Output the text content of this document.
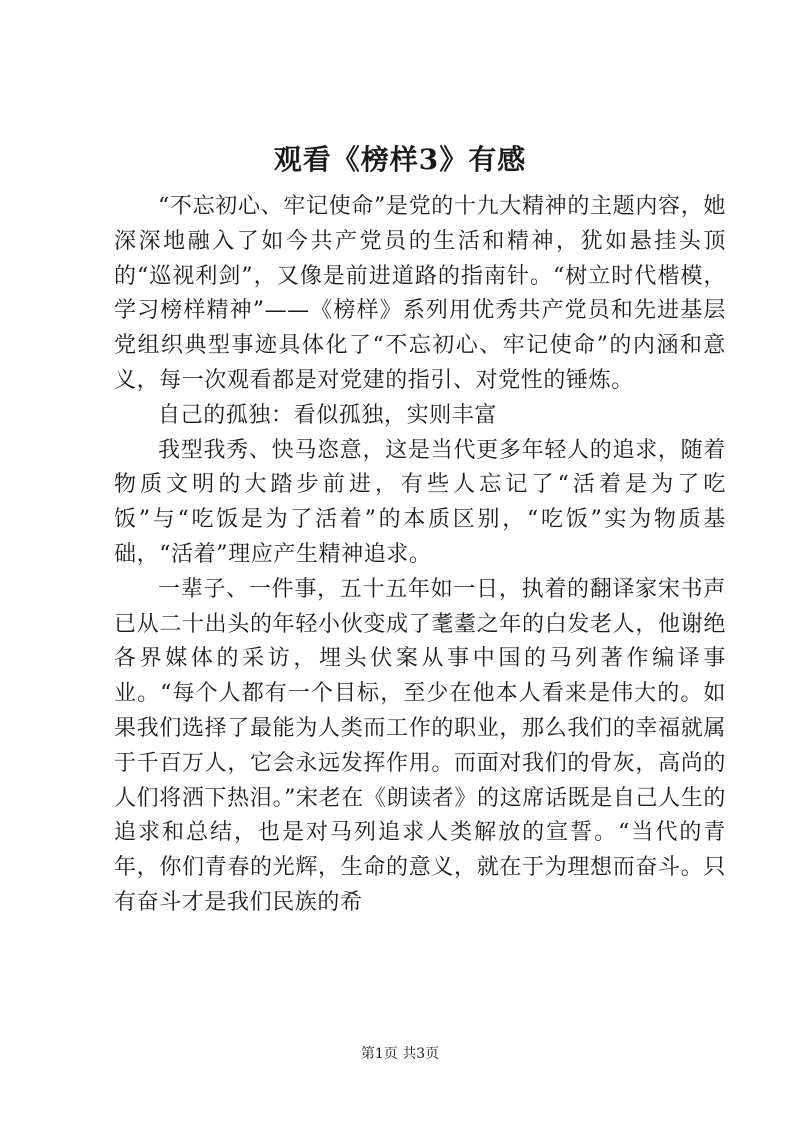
观看《榜样3》有感

“不忘初心、牢记使命”是党的十九大精神的主题内容，她深深地融入了如今共产党员的生活和精神，犹如悬挂头顶的“巡视利剑”，又像是前进道路的指南针。“树立时代楷模，学习榜样精神”——《榜样》系列用优秀共产党员和先进基层党组织典型事迹具体化了“不忘初心、牢记使命”的内涵和意义，每一次观看都是对党建的指引、对党性的锤炼。

自己的孤独：看似孤独，实则丰富

我型我秀、快马恣意，这是当代更多年轻人的追求，随着物质文明的大踏步前进，有些人忘记了“活着是为了吃饭”与“吃饭是为了活着”的本质区别，“吃饭”实为物质基础，“活着”理应产生精神追求。

一辈子、一件事，五十五年如一日，执着的翻译家宋书声已从二十出头的年轻小伙变成了耄耋之年的白发老人，他谢绝各界媒体的采访，埋头伏案从事中国的马列著作编译事业。“每个人都有一个目标，至少在他本人看来是伟大的。如果我们选择了最能为人类而工作的职业，那么我们的幸福就属于千百万人，它会永远发挥作用。而面对我们的骨灰，高尚的人们将洒下热泪。”宋老在《朗读者》的这席话既是自己人生的追求和总结，也是对马列追求人类解放的宣誓。“当代的青年，你们青春的光辉，生命的意义，就在于为理想而奋斗。只有奋斗才是我们民族的希

第1页 共3页
